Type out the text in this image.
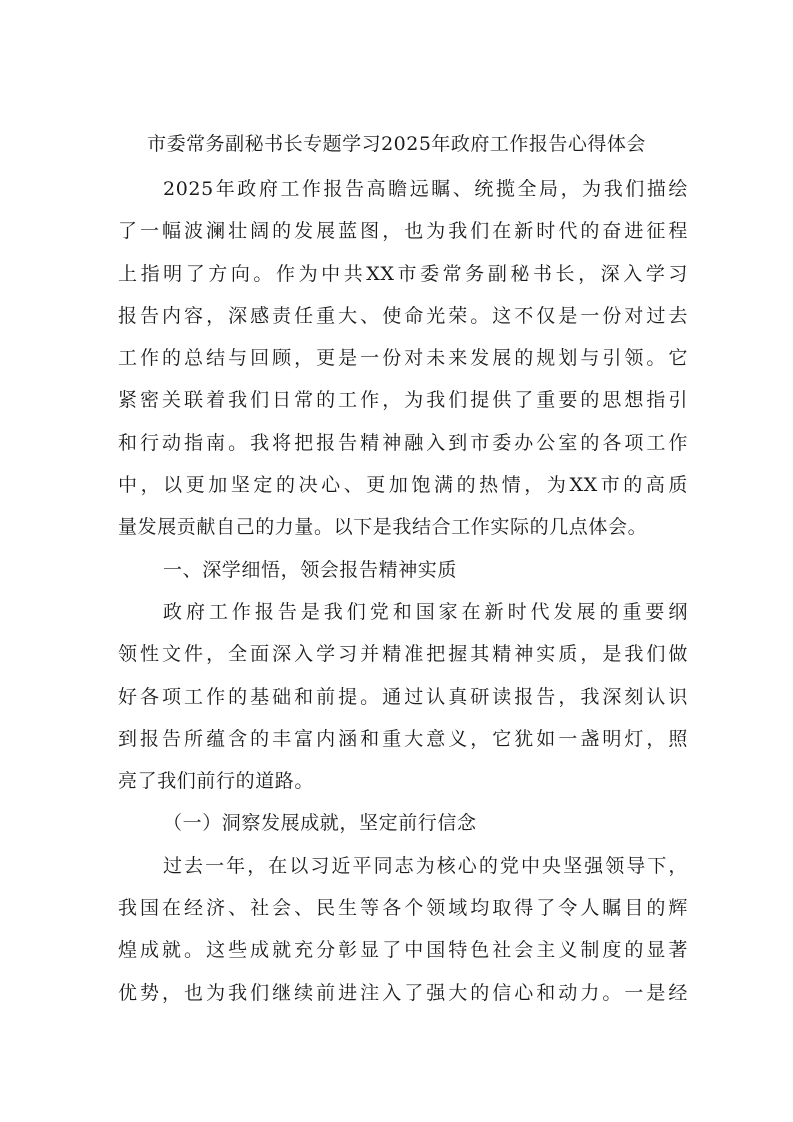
市委常务副秘书长专题学习2025年政府工作报告心得体会
2025年政府工作报告高瞻远瞩、统揽全局，为我们描绘
了一幅波澜壮阔的发展蓝图，也为我们在新时代的奋进征程
上指明了方向。作为中共XX市委常务副秘书长，深入学习
报告内容，深感责任重大、使命光荣。这不仅是一份对过去
工作的总结与回顾，更是一份对未来发展的规划与引领。它
紧密关联着我们日常的工作，为我们提供了重要的思想指引
和行动指南。我将把报告精神融入到市委办公室的各项工作
中，以更加坚定的决心、更加饱满的热情，为XX市的高质
量发展贡献自己的力量。以下是我结合工作实际的几点体会。
一、深学细悟，领会报告精神实质
政府工作报告是我们党和国家在新时代发展的重要纲
领性文件，全面深入学习并精准把握其精神实质，是我们做
好各项工作的基础和前提。通过认真研读报告，我深刻认识
到报告所蕴含的丰富内涵和重大意义，它犹如一盏明灯，照
亮了我们前行的道路。
（一）洞察发展成就，坚定前行信念
过去一年，在以习近平同志为核心的党中央坚强领导下，
我国在经济、社会、民生等各个领域均取得了令人瞩目的辉
煌成就。这些成就充分彰显了中国特色社会主义制度的显著
优势，也为我们继续前进注入了强大的信心和动力。一是经
